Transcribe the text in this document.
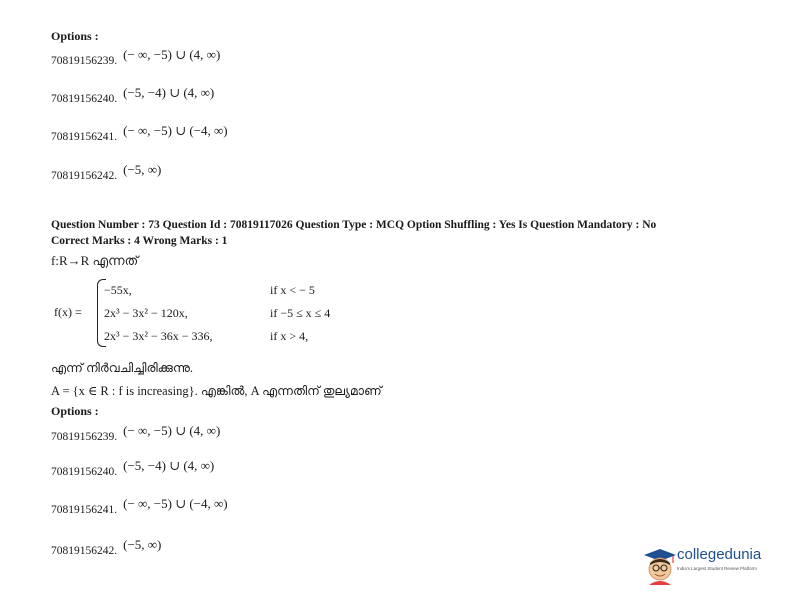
Options :
70819156239. (− ∞, −5) ∪ (4, ∞)
70819156240. (−5, −4) ∪ (4, ∞)
70819156241. (− ∞, −5) ∪ (−4, ∞)
70819156242. (−5, ∞)
Question Number : 73 Question Id : 70819117026 Question Type : MCQ Option Shuffling : Yes Is Question Mandatory : No
Correct Marks : 4 Wrong Marks : 1
f:R→R എന്നത്
f(x) =
−55x,	if x < − 5
2x³ − 3x² − 120x,	if −5 ≤ x ≤ 4
2x³ − 3x² − 36x − 336,	if x > 4,
എന്ന് നിർവചിച്ചിരിക്കുന്നു.
A = {x ∈ R : f is increasing}. എങ്കിൽ, A എന്നതിന് തുല്യമാണ്
Options :
70819156239. (− ∞, −5) ∪ (4, ∞)
70819156240. (−5, −4) ∪ (4, ∞)
70819156241. (− ∞, −5) ∪ (−4, ∞)
70819156242. (−5, ∞)
collegedunia
India's Largest Student Review Platform
